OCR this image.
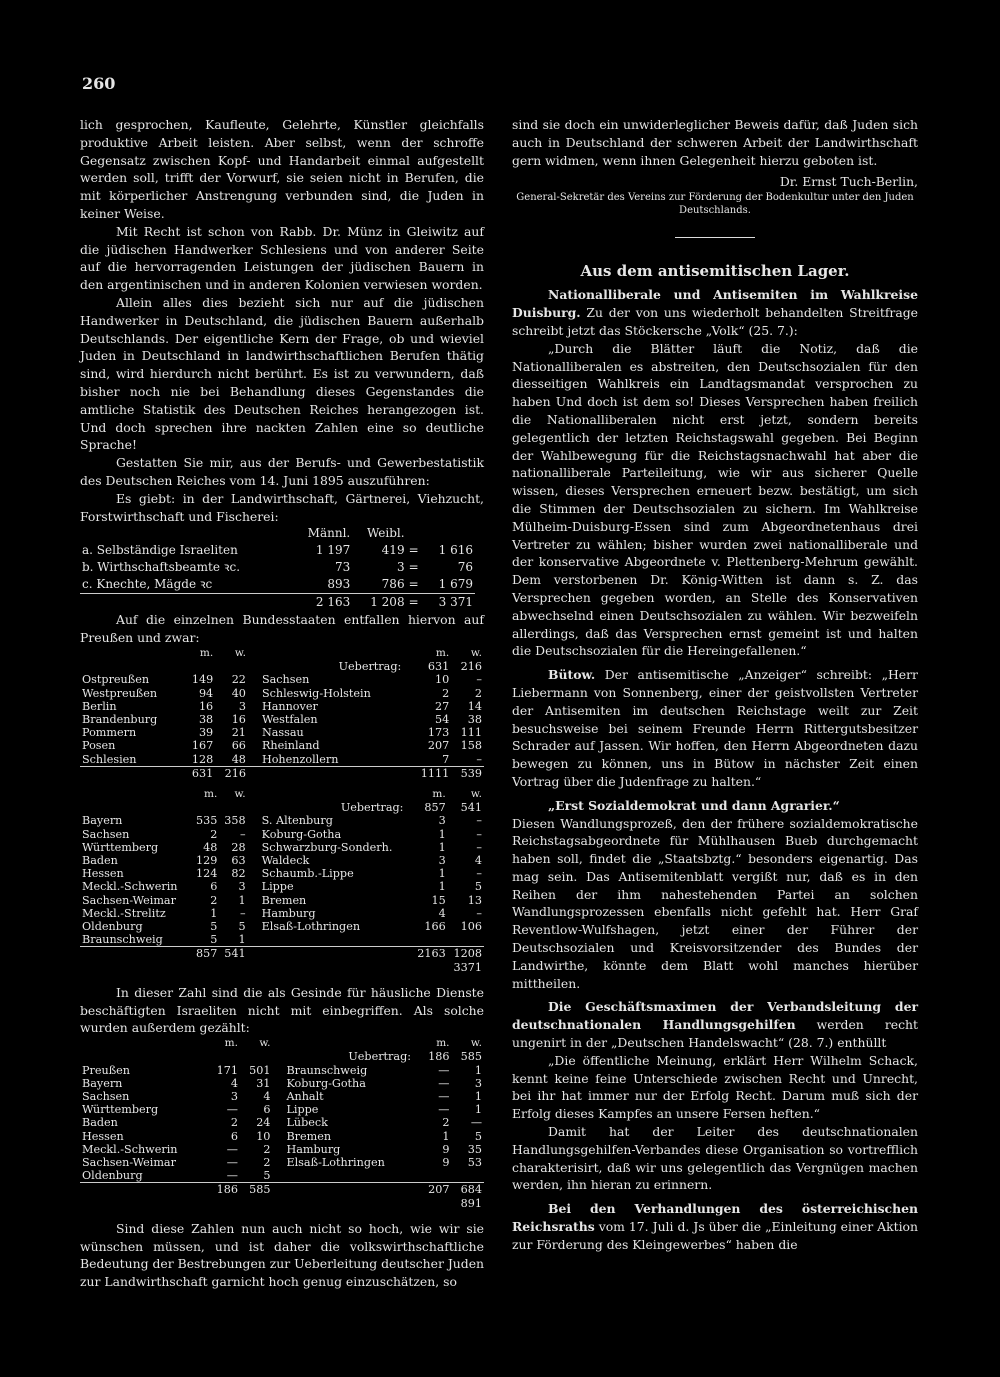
260

lich gesprochen, Kaufleute, Gelehrte, Künstler gleichfalls produktive Arbeit leisten. Aber selbst, wenn der schroffe Gegensatz zwischen Kopf- und Handarbeit einmal aufgestellt werden soll, trifft der Vorwurf, sie seien nicht in Berufen, die mit körperlicher Anstrengung verbunden sind, die Juden in keiner Weise.

Mit Recht ist schon von Rabb. Dr. Münz in Gleiwitz auf die jüdischen Handwerker Schlesiens und von anderer Seite auf die hervorragenden Leistungen der jüdischen Bauern in den argentinischen und in anderen Kolonien verwiesen worden.

Allein alles dies bezieht sich nur auf die jüdischen Handwerker in Deutschland, die jüdischen Bauern außerhalb Deutschlands. Der eigentliche Kern der Frage, ob und wieviel Juden in Deutschland in landwirthschaftlichen Berufen thätig sind, wird hierdurch nicht berührt. Es ist zu verwundern, daß bisher noch nie bei Behandlung dieses Gegenstandes die amtliche Statistik des Deutschen Reiches herangezogen ist. Und doch sprechen ihre nackten Zahlen eine so deutliche Sprache!

Gestatten Sie mir, aus der Berufs- und Gewerbestatistik des Deutschen Reiches vom 14. Juni 1895 auszuführen:

Es giebt: in der Landwirthschaft, Gärtnerei, Viehzucht, Forstwirthschaft und Fischerei:

	Männl.	Weibl.		
a. Selbständige Israeliten	1 197	419	=	1 616
b. Wirthschaftsbeamte ꝛc.	73	3	=	76
c. Knechte, Mägde ꝛc	893	786	=	1 679
	2 163	1 208	=	3 371

Auf die einzelnen Bundesstaaten entfallen hiervon auf Preußen und zwar:

	m.	w.		m.	w.
			Uebertrag:	631	216
Ostpreußen	149	22	Sachsen	10	–
Westpreußen	94	40	Schleswig-Holstein	2	2
Berlin	16	3	Hannover	27	14
Brandenburg	38	16	Westfalen	54	38
Pommern	39	21	Nassau	173	111
Posen	167	66	Rheinland	207	158
Schlesien	128	48	Hohenzollern	7	–
	631	216		1111	539
	m.	w.		m.	w.
			Uebertrag:	857	541
Bayern	535	358	S. Altenburg	3	–
Sachsen	2	–	Koburg-Gotha	1	–
Württemberg	48	28	Schwarzburg-Sonderh.	1	–
Baden	129	63	Waldeck	3	4
Hessen	124	82	Schaumb.-Lippe	1	–
Meckl.-Schwerin	6	3	Lippe	1	5
Sachsen-Weimar	2	1	Bremen	15	13
Meckl.-Strelitz	1	–	Hamburg	4	–
Oldenburg	5	5	Elsaß-Lothringen	166	106
Braunschweig	5	1			
	857	541		2163	1208
				3371	

In dieser Zahl sind die als Gesinde für häusliche Dienste beschäftigten Israeliten nicht mit einbegriffen. Als solche wurden außerdem gezählt:

	m.	w.		m.	w.
			Uebertrag:	186	585
Preußen	171	501	Braunschweig	—	1
Bayern	4	31	Koburg-Gotha	—	3
Sachsen	3	4	Anhalt	—	1
Württemberg	—	6	Lippe	—	1
Baden	2	24	Lübeck	2	—
Hessen	6	10	Bremen	1	5
Meckl.-Schwerin	—	2	Hamburg	9	35
Sachsen-Weimar	—	2	Elsaß-Lothringen	9	53
Oldenburg	—	5			
	186	585		207	684
				891	

Sind diese Zahlen nun auch nicht so hoch, wie wir sie wünschen müssen, und ist daher die volkswirthschaftliche Bedeutung der Bestrebungen zur Ueberleitung deutscher Juden zur Landwirthschaft garnicht hoch genug einzuschätzen, so

sind sie doch ein unwiderleglicher Beweis dafür, daß Juden sich auch in Deutschland der schweren Arbeit der Landwirthschaft gern widmen, wenn ihnen Gelegenheit hierzu geboten ist.

Dr. Ernst Tuch-Berlin,
General-Sekretär des Vereins zur Förderung der Bodenkultur unter den Juden Deutschlands.
Aus dem antisemitischen Lager.

Nationalliberale und Antisemiten im Wahlkreise Duisburg. Zu der von uns wiederholt behandelten Streitfrage schreibt jetzt das Stöckersche „Volk“ (25. 7.):

„Durch die Blätter läuft die Notiz, daß die Nationalliberalen es abstreiten, den Deutschsozialen für den diesseitigen Wahlkreis ein Landtagsmandat versprochen zu haben Und doch ist dem so! Dieses Versprechen haben freilich die Nationalliberalen nicht erst jetzt, sondern bereits gelegentlich der letzten Reichstagswahl gegeben. Bei Beginn der Wahlbewegung für die Reichstagsnachwahl hat aber die nationalliberale Parteileitung, wie wir aus sicherer Quelle wissen, dieses Versprechen erneuert bezw. bestätigt, um sich die Stimmen der Deutschsozialen zu sichern. Im Wahlkreise Mülheim-Duisburg-Essen sind zum Abgeordnetenhaus drei Vertreter zu wählen; bisher wurden zwei nationalliberale und der konservative Abgeordnete v. Plettenberg-Mehrum gewählt. Dem verstorbenen Dr. König-Witten ist dann s. Z. das Versprechen gegeben worden, an Stelle des Konservativen abwechselnd einen Deutschsozialen zu wählen. Wir bezweifeln allerdings, daß das Versprechen ernst gemeint ist und halten die Deutschsozialen für die Hereingefallenen.“

Bütow. Der antisemitische „Anzeiger“ schreibt: „Herr Liebermann von Sonnenberg, einer der geistvollsten Vertreter der Antisemiten im deutschen Reichstage weilt zur Zeit besuchsweise bei seinem Freunde Herrn Rittergutsbesitzer Schrader auf Jassen. Wir hoffen, den Herrn Abgeordneten dazu bewegen zu können, uns in Bütow in nächster Zeit einen Vortrag über die Judenfrage zu halten.“

„Erst Sozialdemokrat und dann Agrarier.“

Diesen Wandlungsprozeß, den der frühere sozialdemokratische Reichstagsabgeordnete für Mühlhausen Bueb durchgemacht haben soll, findet die „Staatsbztg.“ besonders eigenartig. Das mag sein. Das Antisemitenblatt vergißt nur, daß es in den Reihen der ihm nahestehenden Partei an solchen Wandlungsprozessen ebenfalls nicht gefehlt hat. Herr Graf Reventlow-Wulfshagen, jetzt einer der Führer der Deutschsozialen und Kreisvorsitzender des Bundes der Landwirthe, könnte dem Blatt wohl manches hierüber mittheilen.

Die Geschäftsmaximen der Verbandsleitung der deutschnationalen Handlungsgehilfen werden recht ungenirt in der „Deutschen Handelswacht“ (28. 7.) enthüllt

„Die öffentliche Meinung, erklärt Herr Wilhelm Schack, kennt keine feine Unterschiede zwischen Recht und Unrecht, bei ihr hat immer nur der Erfolg Recht. Darum muß sich der Erfolg dieses Kampfes an unsere Fersen heften.“

Damit hat der Leiter des deutschnationalen Handlungsgehilfen-Verbandes diese Organisation so vortrefflich charakterisirt, daß wir uns gelegentlich das Vergnügen machen werden, ihn hieran zu erinnern.

Bei den Verhandlungen des österreichischen Reichsraths vom 17. Juli d. Js über die „Einleitung einer Aktion zur Förderung des Kleingewerbes“ haben die
